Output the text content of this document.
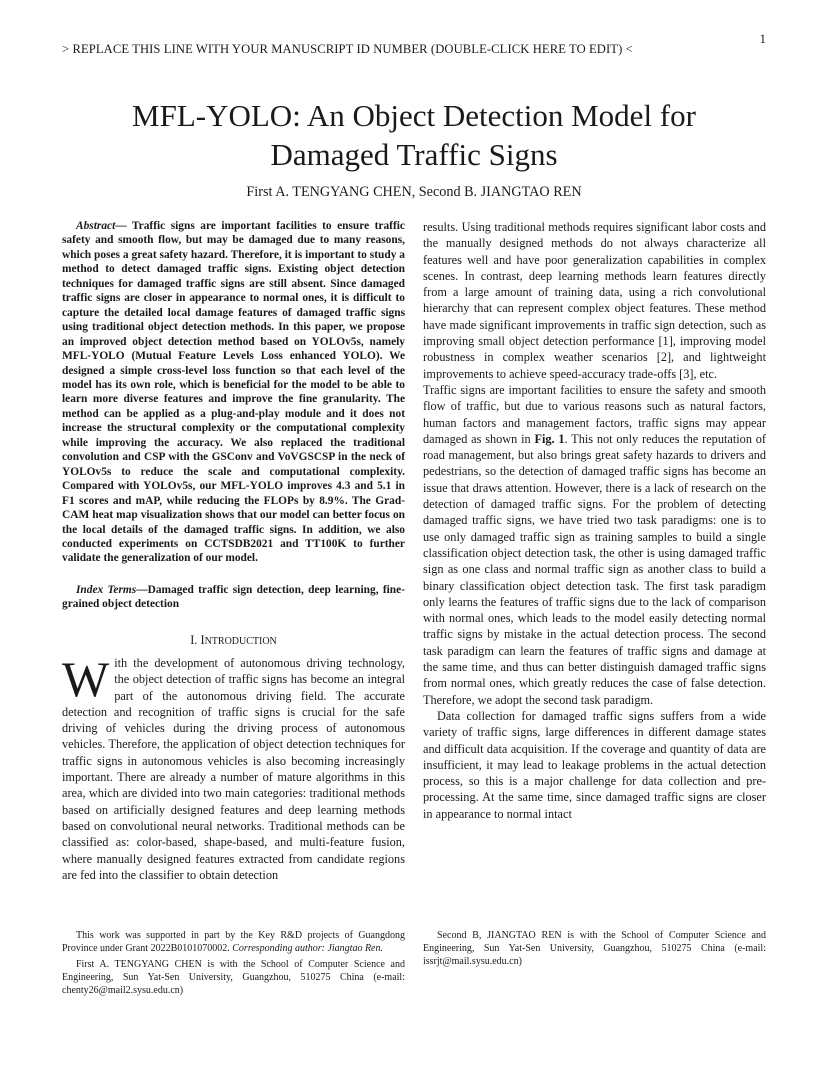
> REPLACE THIS LINE WITH YOUR MANUSCRIPT ID NUMBER (DOUBLE-CLICK HERE TO EDIT) <
1
MFL-YOLO: An Object Detection Model for
Damaged Traffic Signs
First A. TENGYANG CHEN, Second B. JIANGTAO REN

Abstract— Traffic signs are important facilities to ensure traffic safety and smooth flow, but may be damaged due to many reasons, which poses a great safety hazard. Therefore, it is important to study a method to detect damaged traffic signs. Existing object detection techniques for damaged traffic signs are still absent. Since damaged traffic signs are closer in appearance to normal ones, it is difficult to capture the detailed local damage features of damaged traffic signs using traditional object detection methods. In this paper, we propose an improved object detection method based on YOLOv5s, namely MFL-YOLO (Mutual Feature Levels Loss enhanced YOLO). We designed a simple cross-level loss function so that each level of the model has its own role, which is beneficial for the model to be able to learn more diverse features and improve the fine granularity. The method can be applied as a plug-and-play module and it does not increase the structural complexity or the computational complexity while improving the accuracy. We also replaced the traditional convolution and CSP with the GSConv and VoVGSCSP in the neck of YOLOv5s to reduce the scale and computational complexity. Compared with YOLOv5s, our MFL-YOLO improves 4.3 and 5.1 in F1 scores and mAP, while reducing the FLOPs by 8.9%. The Grad-CAM heat map visualization shows that our model can better focus on the local details of the damaged traffic signs. In addition, we also conducted experiments on CCTSDB2021 and TT100K to further validate the generalization of our model.

Index Terms—Damaged traffic sign detection, deep learning, fine-grained object detection

I. INTRODUCTION

With the development of autonomous driving technology, the object detection of traffic signs has become an integral part of the autonomous driving field. The accurate detection and recognition of traffic signs is crucial for the safe driving of vehicles during the driving process of autonomous vehicles. Therefore, the application of object detection techniques for traffic signs in autonomous vehicles is also becoming increasingly important. There are already a number of mature algorithms in this area, which are divided into two main categories: traditional methods based on artificially designed features and deep learning methods based on convolutional neural networks. Traditional methods can be classified as: color-based, shape-based, and multi-feature fusion, where manually designed features extracted from candidate regions are fed into the classifier to obtain detection

results. Using traditional methods requires significant labor costs and the manually designed methods do not always characterize all features well and have poor generalization capabilities in complex scenes. In contrast, deep learning methods learn features directly from a large amount of training data, using a rich convolutional hierarchy that can represent complex object features. These method have made significant improvements in traffic sign detection, such as improving small object detection performance [1], improving model robustness in complex weather scenarios [2], and lightweight improvements to achieve speed-accuracy trade-offs [3], etc.

Traffic signs are important facilities to ensure the safety and smooth flow of traffic, but due to various reasons such as natural factors, human factors and management factors, traffic signs may appear damaged as shown in Fig. 1. This not only reduces the reputation of road management, but also brings great safety hazards to drivers and pedestrians, so the detection of damaged traffic signs has become an issue that draws attention. However, there is a lack of research on the detection of damaged traffic signs. For the problem of detecting damaged traffic signs, we have tried two task paradigms: one is to use only damaged traffic sign as training samples to build a single classification object detection task, the other is using damaged traffic sign as one class and normal traffic sign as another class to build a binary classification object detection task. The first task paradigm only learns the features of traffic signs due to the lack of comparison with normal ones, which leads to the model easily detecting normal traffic signs by mistake in the actual detection process. The second task paradigm can learn the features of traffic signs and damage at the same time, and thus can better distinguish damaged traffic signs from normal ones, which greatly reduces the case of false detection. Therefore, we adopt the second task paradigm.

Data collection for damaged traffic signs suffers from a wide variety of traffic signs, large differences in different damage states and difficult data acquisition. If the coverage and quantity of data are insufficient, it may lead to leakage problems in the actual detection process, so this is a major challenge for data collection and pre-processing. At the same time, since damaged traffic signs are closer in appearance to normal intact

This work was supported in part by the Key R&D projects of Guangdong Province under Grant 2022B0101070002. Corresponding author: Jiangtao Ren.

First A. TENGYANG CHEN is with the School of Computer Science and Engineering, Sun Yat-Sen University, Guangzhou, 510275 China (e-mail: chenty26@mail2.sysu.edu.cn)

Second B, JIANGTAO REN is with the School of Computer Science and Engineering, Sun Yat-Sen University, Guangzhou, 510275 China (e-mail: issrjt@mail.sysu.edu.cn)
